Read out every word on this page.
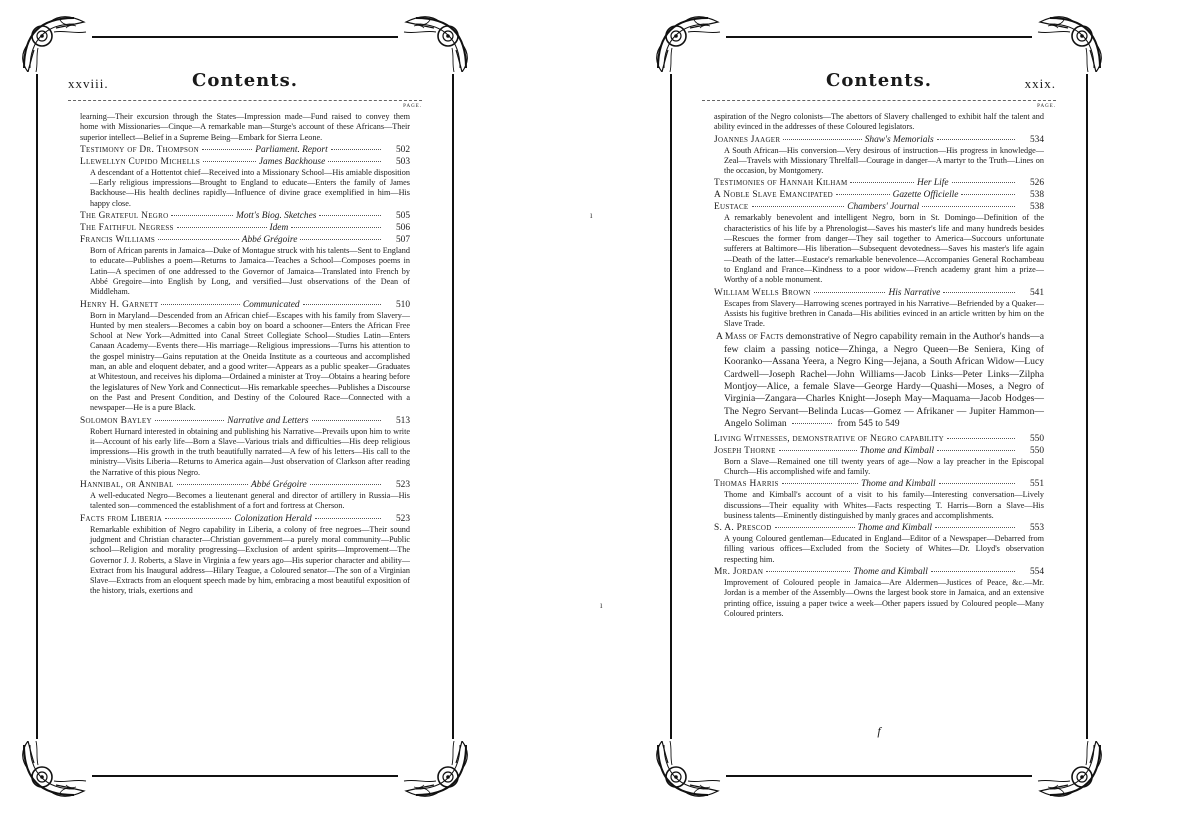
xxviii.	Contents.
PAGE.

learning—Their excursion through the States—Impression made—Fund raised to convey them home with Missionaries—Cinque—A remarkable man—Sturge's account of these Africans—Their superior intellect—Belief in a Supreme Being—Embark for Sierra Leone.

Testimony of Dr. Thompson	Parliament. Report	502
Llewellyn Cupido Michells	James Backhouse	503

A descendant of a Hottentot chief—Received into a Missionary School—His amiable disposition—Early religious impressions—Brought to England to educate—Enters the family of James Backhouse—His health declines rapidly—Influence of divine grace exemplified in him—His happy close.

The Grateful Negro	Mott's Biog. Sketches	505
The Faithful Negress	Idem	506
Francis Williams	Abbé Grégoire	507

Born of African parents in Jamaica—Duke of Montague struck with his talents—Sent to England to educate—Publishes a poem—Returns to Jamaica—Teaches a School—Composes poems in Latin—A specimen of one addressed to the Governor of Jamaica—Translated into French by Abbé Gregoire—into English by Long, and versified—Just observations of the Dean of Middleham.

Henry H. Garnett	Communicated	510

Born in Maryland—Descended from an African chief—Escapes with his family from Slavery—Hunted by men stealers—Becomes a cabin boy on board a schooner—Enters the African Free School at New York—Admitted into Canal Street Collegiate School—Studies Latin—Enters Canaan Academy—Events there—His marriage—Religious impressions—Turns his attention to the gospel ministry—Gains reputation at the Oneida Institute as a courteous and accomplished man, an able and eloquent debater, and a good writer—Appears as a public speaker—Graduates at Whitestoun, and receives his diploma—Ordained a minister at Troy—Obtains a hearing before the legislatures of New York and Connecticut—His remarkable speeches—Publishes a Discourse on the Past and Present Condition, and Destiny of the Coloured Race—Connected with a newspaper—He is a pure Black.

Solomon Bayley	Narrative and Letters	513

Robert Hurnard interested in obtaining and publishing his Narrative—Prevails upon him to write it—Account of his early life—Born a Slave—Various trials and difficulties—His deep religious impressions—His growth in the truth beautifully narrated—A few of his letters—His call to the ministry—Visits Liberia—Returns to America again—Just observation of Clarkson after reading the Narrative of this pious Negro.

Hannibal, or Annibal	Abbé Grégoire	523

A well-educated Negro—Becomes a lieutenant general and director of artillery in Russia—His talented son—commenced the establishment of a fort and fortress at Cherson.

Facts from Liberia	Colonization Herald	523

Remarkable exhibition of Negro capability in Liberia, a colony of free negroes—Their sound judgment and Christian character—Christian government—a purely moral community—Public school—Religion and morality progressing—Exclusion of ardent spirits—Improvement—The Governor J. J. Roberts, a Slave in Virginia a few years ago—His superior character and ability—Extract from his Inaugural address—Hilary Teague, a Coloured senator—The son of a Virginian Slave—Extracts from an eloquent speech made by him, embracing a most beautiful exposition of the history, trials, exertions and

Contents.	xxix.
PAGE.

aspiration of the Negro colonists—The abettors of Slavery challenged to exhibit half the talent and ability evinced in the addresses of these Coloured legislators.

Joannes Jaager	Shaw's Memorials	534

A South African—His conversion—Very desirous of instruction—His progress in knowledge—Zeal—Travels with Missionary Threlfall—Courage in danger—A martyr to the Truth—Lines on the occasion, by Montgomery.

Testimonies of Hannah Kilham	Her Life	526
A Noble Slave Emancipated	Gazette Officielle	538
Eustace	Chambers' Journal	538

A remarkably benevolent and intelligent Negro, born in St. Domingo—Definition of the characteristics of his life by a Phrenologist—Saves his master's life and many hundreds besides—Rescues the former from danger—They sail together to America—Succours unfortunate sufferers at Baltimore—His liberation—Subsequent devotedness—Saves his master's life again—Death of the latter—Eustace's remarkable benevolence—Accompanies General Rochambeau to England and France—Kindness to a poor widow—French academy grant him a prize—Worthy of a noble monument.

William Wells Brown	His Narrative	541

Escapes from Slavery—Harrowing scenes portrayed in his Narrative—Befriended by a Quaker—Assists his fugitive brethren in Canada—His abilities evinced in an article written by him on the Slave Trade.

A Mass of Facts demonstrative of Negro capability remain in the Author's hands—a few claim a passing notice—Zhinga, a Negro Queen—Be Seniera, King of Kooranko—Assana Yeera, a Negro King—Jejana, a South African Widow—Lucy Cardwell—Joseph Rachel—John Williams—Jacob Links—Peter Links—Zilpha Montjoy—Alice, a female Slave—George Hardy—Quashi—Moses, a Negro of Virginia—Zangara—Charles Knight—Joseph May—Maquama—Jacob Hodges—The Negro Servant—Belinda Lucas—Gomez — Afrikaner — Jupiter Hammon—Angelo Soliman	from 545 to 549

Living Witnesses, demonstrative of Negro capability	550
Joseph Thorne	Thome and Kimball	550

Born a Slave—Remained one till twenty years of age—Now a lay preacher in the Episcopal Church—His accomplished wife and family.

Thomas Harris	Thome and Kimball	551

Thome and Kimball's account of a visit to his family—Interesting conversation—Lively discussions—Their equality with Whites—Facts respecting T. Harris—Born a Slave—His business talents—Eminently distinguished by manly graces and accomplishments.

S. A. Prescod	Thome and Kimball	553

A young Coloured gentleman—Educated in England—Editor of a Newspaper—Debarred from filling various offices—Excluded from the Society of Whites—Dr. Lloyd's observation respecting him.

Mr. Jordan	Thome and Kimball	554

Improvement of Coloured people in Jamaica—Are Aldermen—Justices of Peace, &c.—Mr. Jordan is a member of the Assembly—Owns the largest book store in Jamaica, and an extensive printing office, issuing a paper twice a week—Other papers issued by Coloured people—Many Coloured printers.

f
ı
ı
